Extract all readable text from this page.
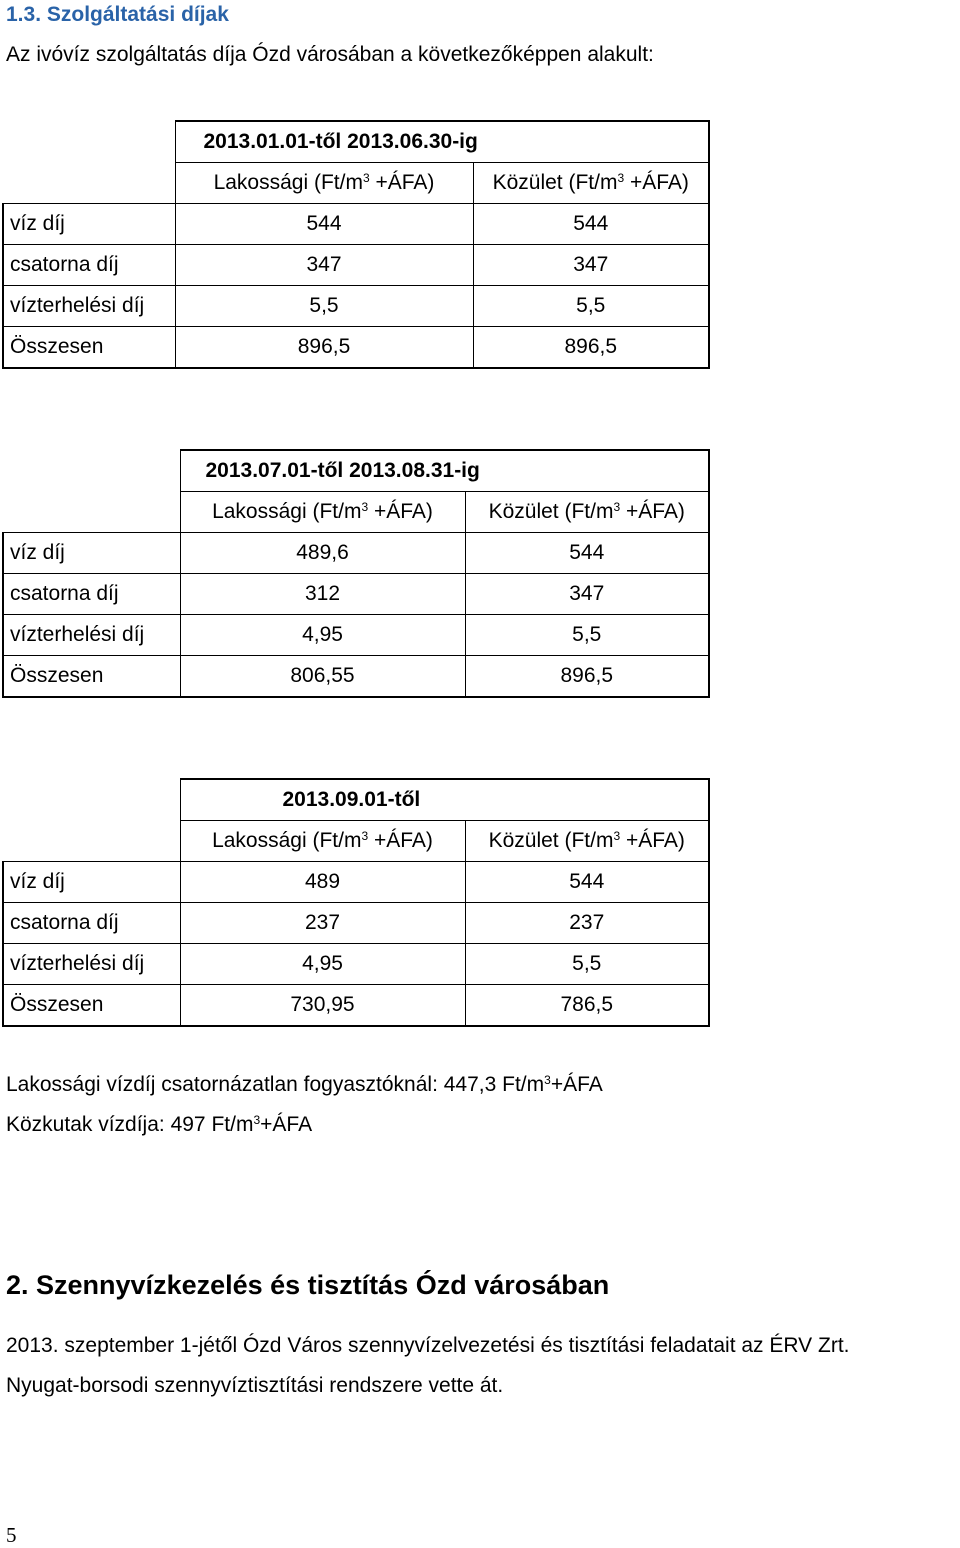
1.3. Szolgáltatási díjak
Az ivóvíz szolgáltatás díja Ózd városában a következőképpen alakult:
	2013.01.01-től 2013.06.30-ig	
	Lakossági ($Ft/m^3$ +ÁFA)	Közület ($Ft/m^3$ +ÁFA)
víz díj	544	544
csatorna díj	347	347
vízterhelési díj	5,5	5,5
Összesen	896,5	896,5
	2013.07.01-től 2013.08.31-ig	
	Lakossági ($Ft/m^3$ +ÁFA)	Közület ($Ft/m^3$ +ÁFA)
víz díj	489,6	544
csatorna díj	312	347
vízterhelési díj	4,95	5,5
Összesen	806,55	896,5
	2013.09.01-től	
	Lakossági ($Ft/m^3$ +ÁFA)	Közület ($Ft/m^3$ +ÁFA)
víz díj	489	544
csatorna díj	237	237
vízterhelési díj	4,95	5,5
Összesen	730,95	786,5
Lakossági vízdíj csatornázatlan fogyasztóknál: 447,3 $Ft/m^3+ÁFA$
Közkutak vízdíja: 497 $Ft/m^3+ÁFA$
2. Szennyvízkezelés és tisztítás Ózd városában
2013. szeptember 1-jétől Ózd Város szennyvízelvezetési és tisztítási feladatait az ÉRV Zrt.
Nyugat-borsodi szennyvíztisztítási rendszere vette át.
5
